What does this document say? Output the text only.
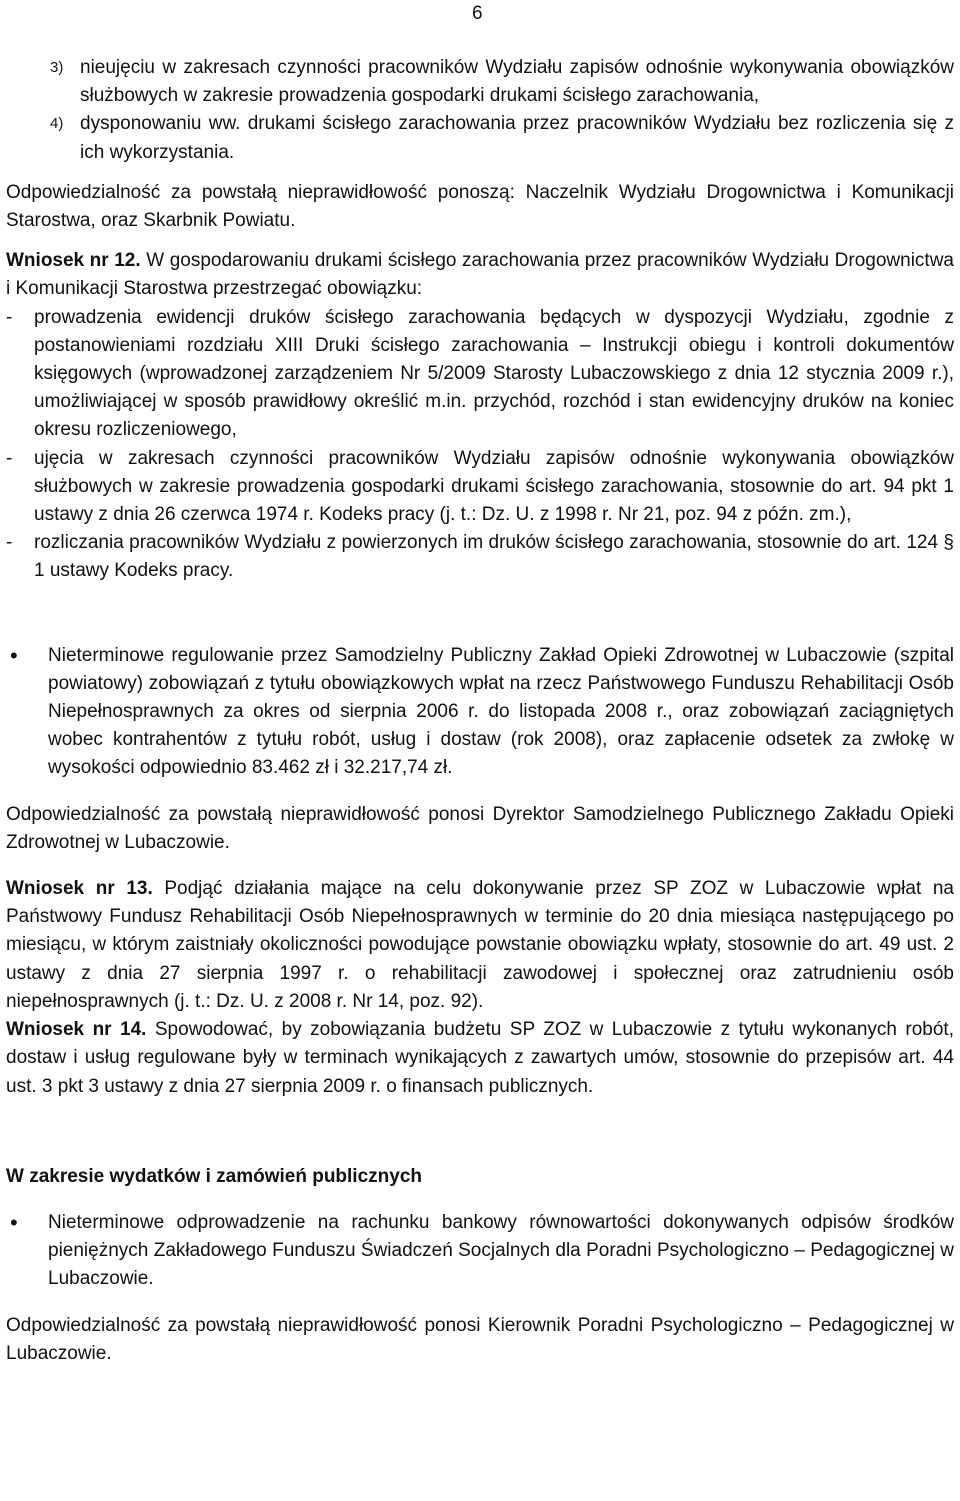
6

3) nieujęciu w zakresach czynności pracowników Wydziału zapisów odnośnie wykonywania obowiązków służbowych w zakresie prowadzenia gospodarki drukami ścisłego zarachowania,

4) dysponowaniu ww. drukami ścisłego zarachowania przez pracowników Wydziału bez rozliczenia się z ich wykorzystania.

Odpowiedzialność za powstałą nieprawidłowość ponoszą: Naczelnik Wydziału Drogownictwa i Komunikacji Starostwa, oraz Skarbnik Powiatu.

Wniosek nr 12. W gospodarowaniu drukami ścisłego zarachowania przez pracowników Wydziału Drogownictwa i Komunikacji Starostwa przestrzegać obowiązku:

- prowadzenia ewidencji druków ścisłego zarachowania będących w dyspozycji Wydziału, zgodnie z postanowieniami rozdziału XIII Druki ścisłego zarachowania – Instrukcji obiegu i kontroli dokumentów księgowych (wprowadzonej zarządzeniem Nr 5/2009 Starosty Lubaczowskiego z dnia 12 stycznia 2009 r.), umożliwiającej w sposób prawidłowy określić m.in. przychód, rozchód i stan ewidencyjny druków na koniec okresu rozliczeniowego,

- ujęcia w zakresach czynności pracowników Wydziału zapisów odnośnie wykonywania obowiązków służbowych w zakresie prowadzenia gospodarki drukami ścisłego zarachowania, stosownie do art. 94 pkt 1 ustawy z dnia 26 czerwca 1974 r. Kodeks pracy (j. t.: Dz. U. z 1998 r. Nr 21, poz. 94 z późn. zm.),

- rozliczania pracowników Wydziału z powierzonych im druków ścisłego zarachowania, stosownie do art. 124 § 1 ustawy Kodeks pracy.

• Nieterminowe regulowanie przez Samodzielny Publiczny Zakład Opieki Zdrowotnej w Lubaczowie (szpital powiatowy) zobowiązań z tytułu obowiązkowych wpłat na rzecz Państwowego Funduszu Rehabilitacji Osób Niepełnosprawnych za okres od sierpnia 2006 r. do listopada 2008 r., oraz zobowiązań zaciągniętych wobec kontrahentów z tytułu robót, usług i dostaw (rok 2008), oraz zapłacenie odsetek za zwłokę w wysokości odpowiednio 83.462 zł i 32.217,74 zł.

Odpowiedzialność za powstałą nieprawidłowość ponosi Dyrektor Samodzielnego Publicznego Zakładu Opieki Zdrowotnej w Lubaczowie.

Wniosek nr 13. Podjąć działania mające na celu dokonywanie przez SP ZOZ w Lubaczowie wpłat na Państwowy Fundusz Rehabilitacji Osób Niepełnosprawnych w terminie do 20 dnia miesiąca następującego po miesiącu, w którym zaistniały okoliczności powodujące powstanie obowiązku wpłaty, stosownie do art. 49 ust. 2 ustawy z dnia 27 sierpnia 1997 r. o rehabilitacji zawodowej i społecznej oraz zatrudnieniu osób niepełnosprawnych (j. t.: Dz. U. z 2008 r. Nr 14, poz. 92).

Wniosek nr 14. Spowodować, by zobowiązania budżetu SP ZOZ w Lubaczowie z tytułu wykonanych robót, dostaw i usług regulowane były w terminach wynikających z zawartych umów, stosownie do przepisów art. 44 ust. 3 pkt 3 ustawy z dnia 27 sierpnia 2009 r. o finansach publicznych.

W zakresie wydatków i zamówień publicznych

• Nieterminowe odprowadzenie na rachunku bankowy równowartości dokonywanych odpisów środków pieniężnych Zakładowego Funduszu Świadczeń Socjalnych dla Poradni Psychologiczno – Pedagogicznej w Lubaczowie.

Odpowiedzialność za powstałą nieprawidłowość ponosi Kierownik Poradni Psychologiczno – Pedagogicznej w Lubaczowie.
